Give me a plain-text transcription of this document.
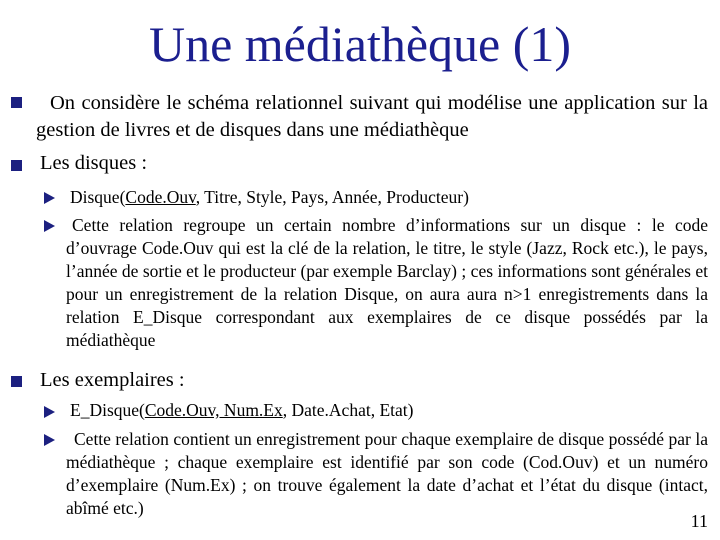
Une médiathèque (1)
On considère le schéma relationnel suivant qui modélise une application sur la gestion de livres et de disques dans une médiathèque
Les disques :
Disque(Code.Ouv, Titre, Style, Pays, Année, Producteur)
Cette relation regroupe un certain nombre d’informations sur un disque : le code d’ouvrage Code.Ouv qui est la clé de la relation, le titre, le style (Jazz, Rock etc.), le pays, l’année de sortie et le producteur (par exemple Barclay) ; ces informations sont générales et pour un enregistrement de la relation Disque, on aura aura n>1 enregistrements dans la relation E_Disque correspondant aux exemplaires de ce disque possédés par la médiathèque
Les exemplaires :
E_Disque(Code.Ouv, Num.Ex, Date.Achat, Etat)
Cette relation contient un enregistrement pour chaque exemplaire de disque possédé par la médiathèque ; chaque exemplaire est identifié par son code (Cod.Ouv) et un numéro d’exemplaire (Num.Ex) ; on trouve également la date d’achat et l’état du disque (intact, abîmé etc.)
11
